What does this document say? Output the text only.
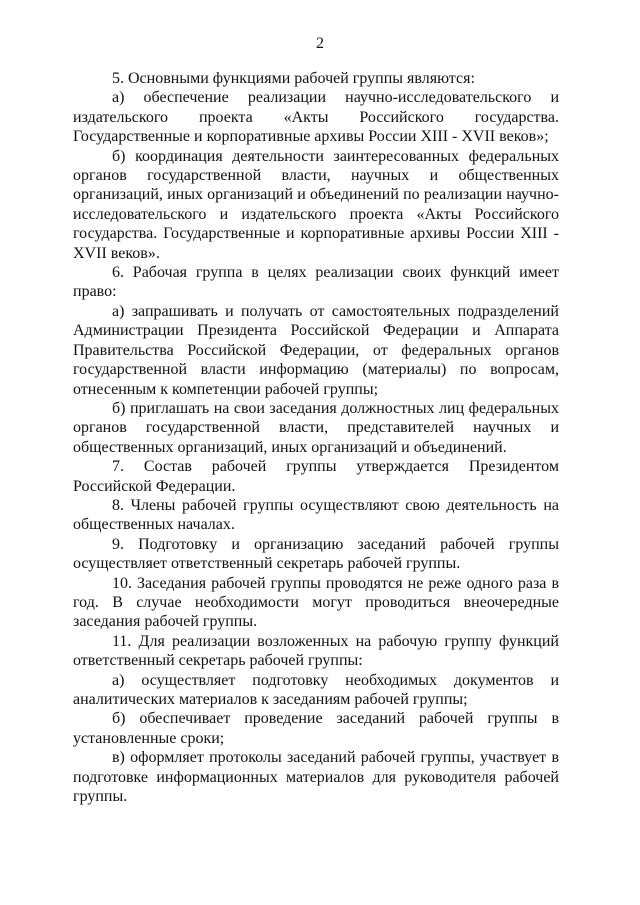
2

5. Основными функциями рабочей группы являются:

а) обеспечение реализации научно-исследовательского и издательского проекта «Акты Российского государства. Государственные и корпоративные архивы России XIII - XVII веков»;

б) координация деятельности заинтересованных федеральных органов государственной власти, научных и общественных организаций, иных организаций и объединений по реализации научно-исследовательского и издательского проекта «Акты Российского государства. Государственные и корпоративные архивы России XIII - XVII веков».

6. Рабочая группа в целях реализации своих функций имеет право:

а) запрашивать и получать от самостоятельных подразделений Администрации Президента Российской Федерации и Аппарата Правительства Российской Федерации, от федеральных органов государственной власти информацию (материалы) по вопросам, отнесенным к компетенции рабочей группы;

б) приглашать на свои заседания должностных лиц федеральных органов государственной власти, представителей научных и общественных организаций, иных организаций и объединений.

7. Состав рабочей группы утверждается Президентом Российской Федерации.

8. Члены рабочей группы осуществляют свою деятельность на общественных началах.

9. Подготовку и организацию заседаний рабочей группы осуществляет ответственный секретарь рабочей группы.

10. Заседания рабочей группы проводятся не реже одного раза в год. В случае необходимости могут проводиться внеочередные заседания рабочей группы.

11. Для реализации возложенных на рабочую группу функций ответственный секретарь рабочей группы:

а) осуществляет подготовку необходимых документов и аналитических материалов к заседаниям рабочей группы;

б) обеспечивает проведение заседаний рабочей группы в установленные сроки;

в) оформляет протоколы заседаний рабочей группы, участвует в подготовке информационных материалов для руководителя рабочей группы.
